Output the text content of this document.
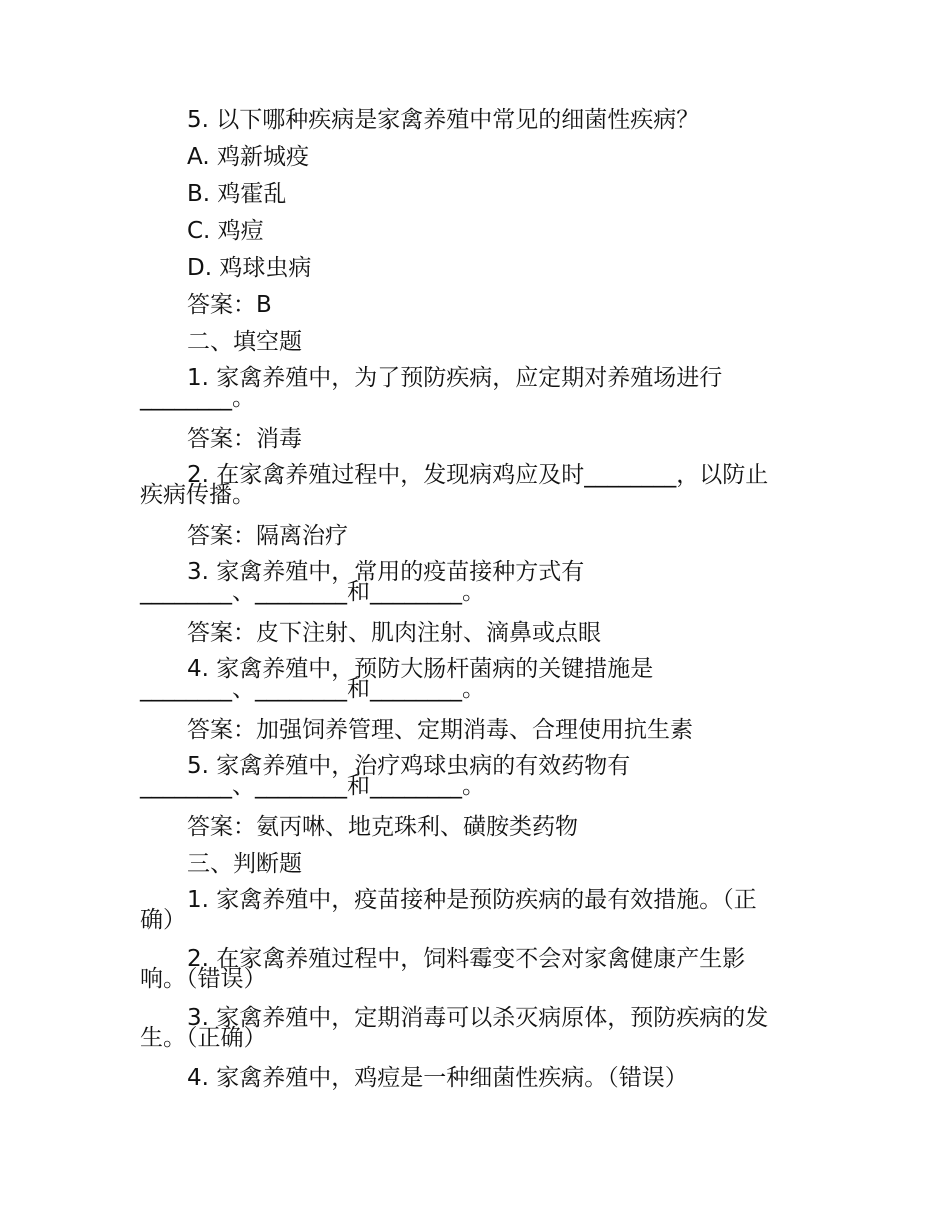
5. 以下哪种疾病是家禽养殖中常见的细菌性疾病？

A. 鸡新城疫

B. 鸡霍乱

C. 鸡痘

D. 鸡球虫病

答案：B

二、填空题

1. 家禽养殖中，为了预防疾病，应定期对养殖场进行
________。

答案：消毒

2. 在家禽养殖过程中，发现病鸡应及时________，以防止
疾病传播。

答案：隔离治疗

3. 家禽养殖中，常用的疫苗接种方式有
________、________和________。

答案：皮下注射、肌肉注射、滴鼻或点眼

4. 家禽养殖中，预防大肠杆菌病的关键措施是
________、________和________。

答案：加强饲养管理、定期消毒、合理使用抗生素

5. 家禽养殖中，治疗鸡球虫病的有效药物有
________、________和________。

答案：氨丙啉、地克珠利、磺胺类药物

三、判断题

1. 家禽养殖中，疫苗接种是预防疾病的最有效措施。（正
确）
2. 在家禽养殖过程中，饲料霉变不会对家禽健康产生影
响。（错误）
3. 家禽养殖中，定期消毒可以杀灭病原体，预防疾病的发
生。（正确）

4. 家禽养殖中，鸡痘是一种细菌性疾病。（错误）
